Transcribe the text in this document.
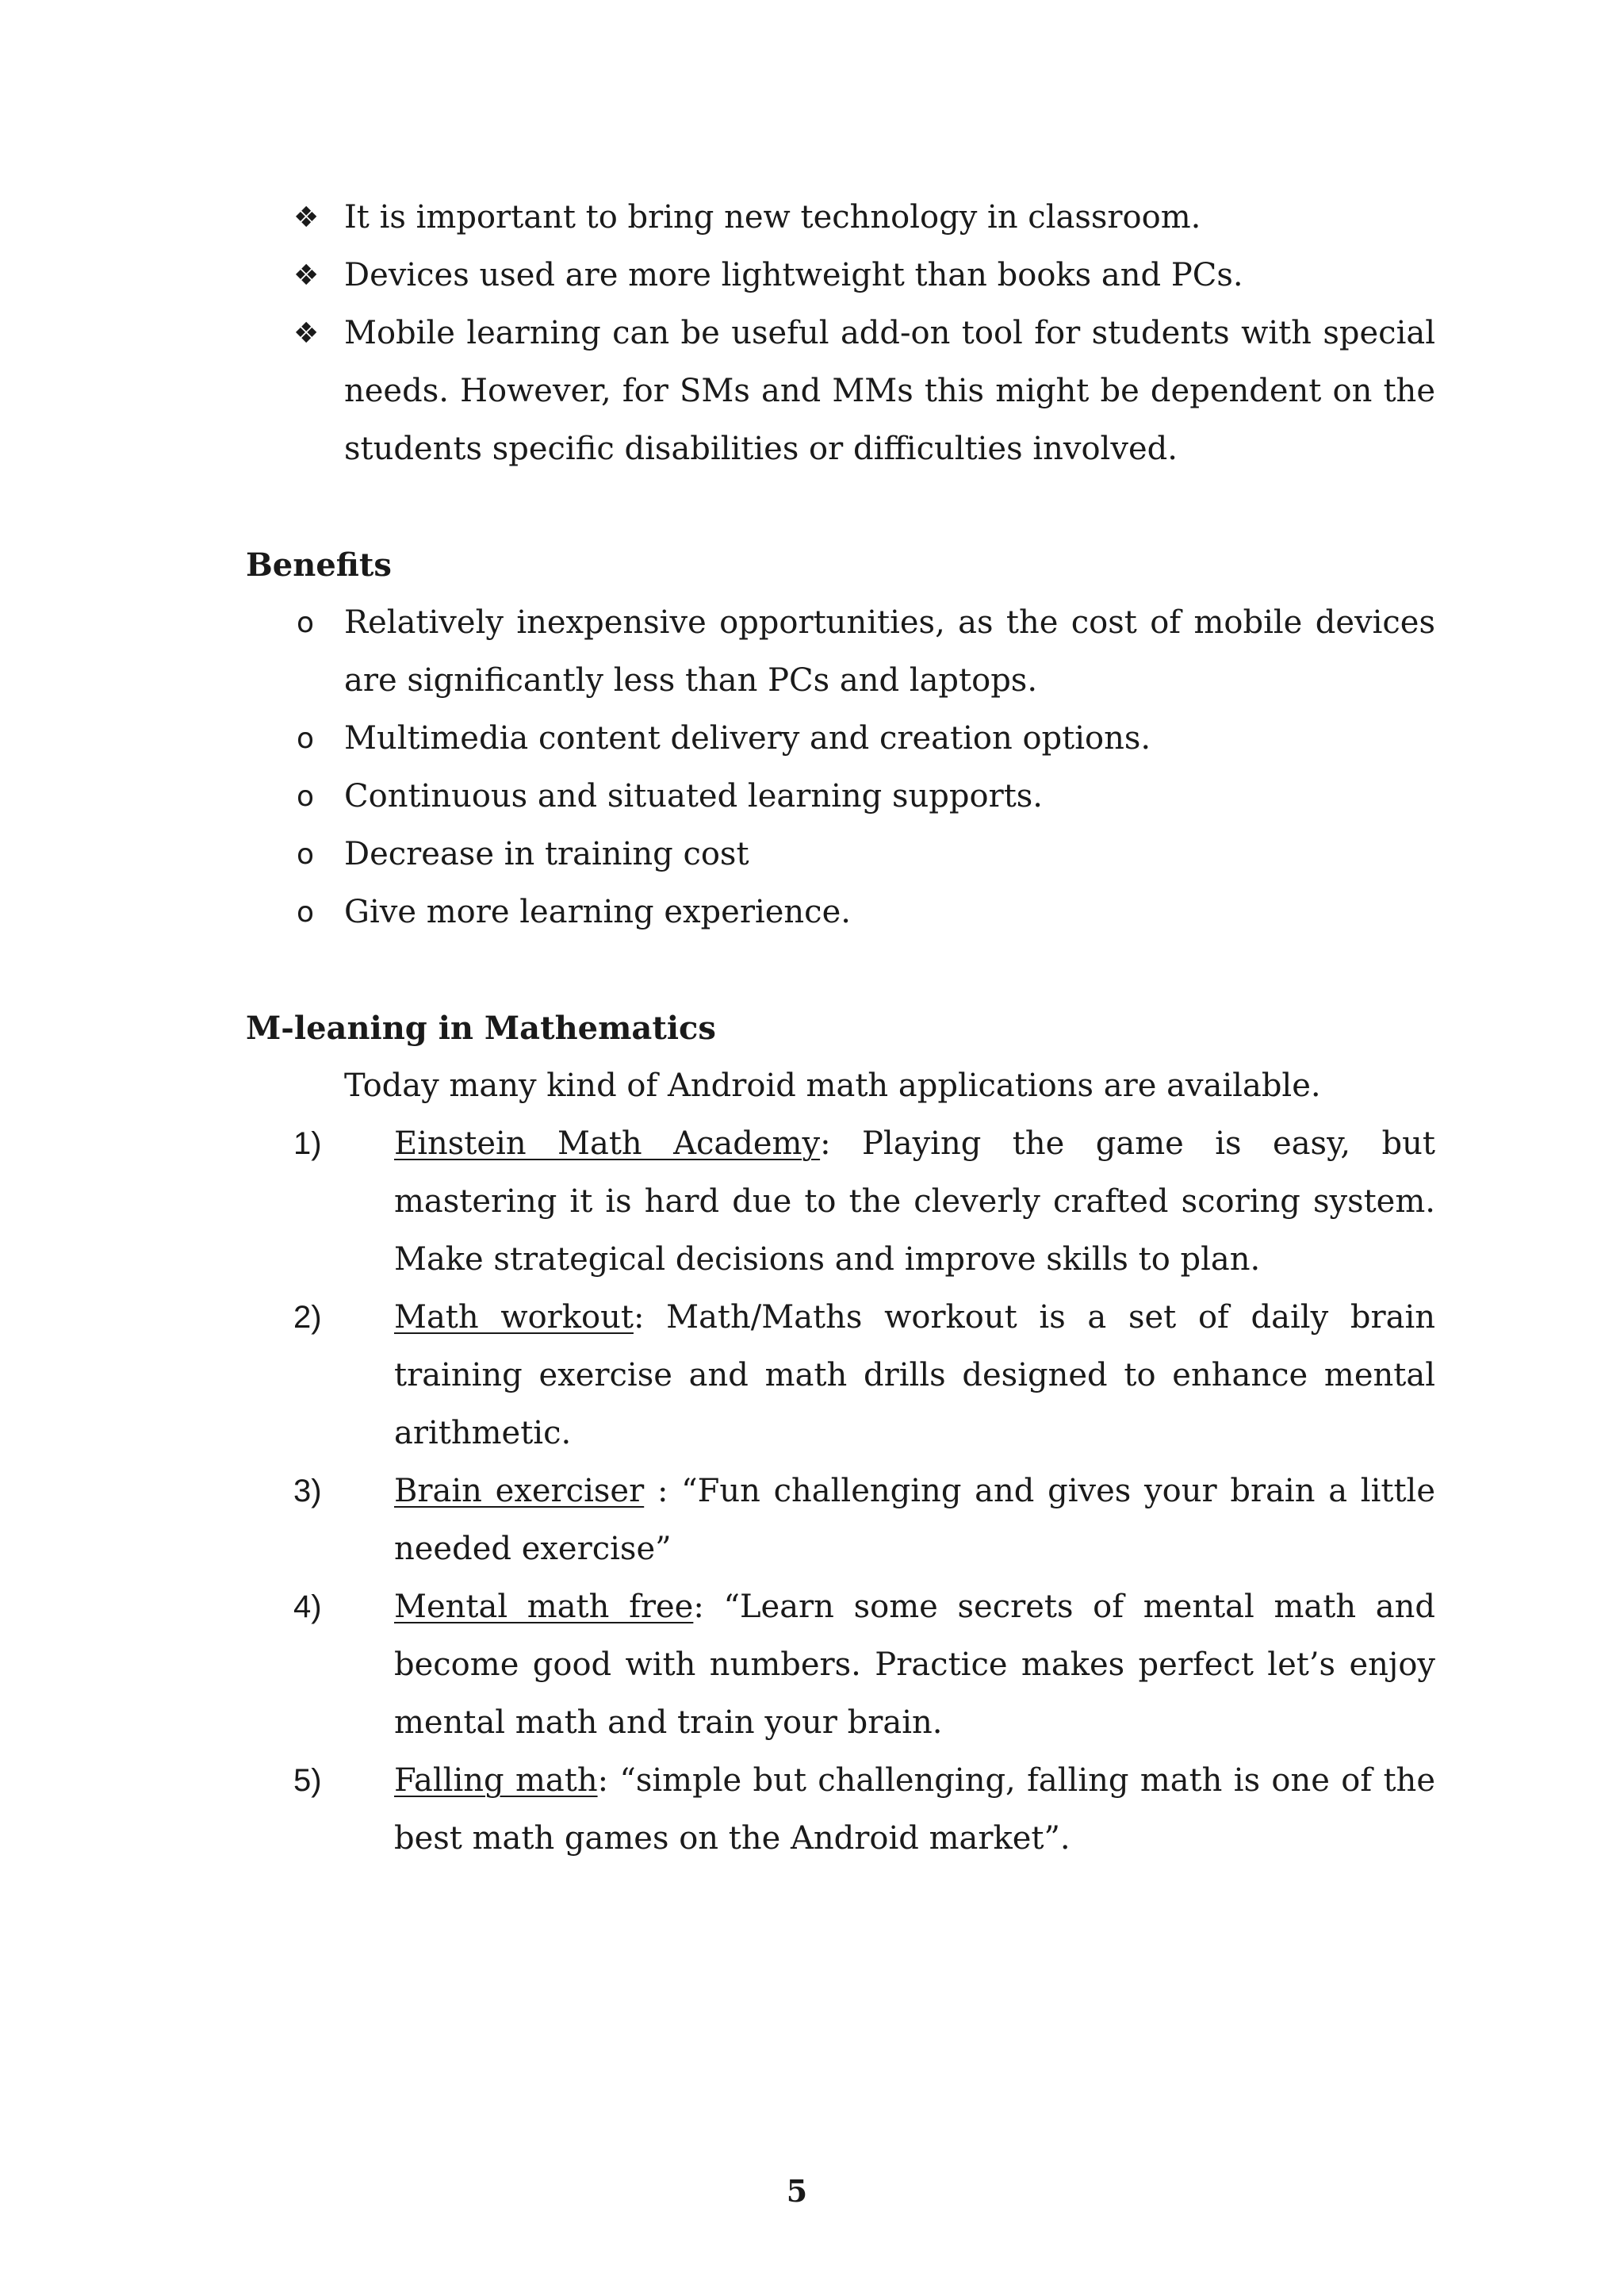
❖ It is important to bring new technology in classroom.
❖ Devices used are more lightweight than books and PCs.
❖ Mobile learning can be useful add-on tool for students with special needs. However, for SMs and MMs this might be dependent on the students specific disabilities or difficulties involved.
Benefits
o Relatively inexpensive opportunities, as the cost of mobile devices are significantly less than PCs and laptops.
o Multimedia content delivery and creation options.
o Continuous and situated learning supports.
o Decrease in training cost
o Give more learning experience.
M-leaning in Mathematics
Today many kind of Android math applications are available.
1)	Einstein Math Academy: Playing the game is easy, but mastering it is hard due to the cleverly crafted scoring system. Make strategical decisions and improve skills to plan.
2)	Math workout: Math/Maths workout is a set of daily brain training exercise and math drills designed to enhance mental arithmetic.
3)	Brain exerciser : “Fun challenging and gives your brain a little needed exercise”
4)	Mental math free: “Learn some secrets of mental math and become good with numbers. Practice makes perfect let’s enjoy mental math and train your brain.
5)	Falling math: “simple but challenging, falling math is one of the best math games on the Android market”.
5
